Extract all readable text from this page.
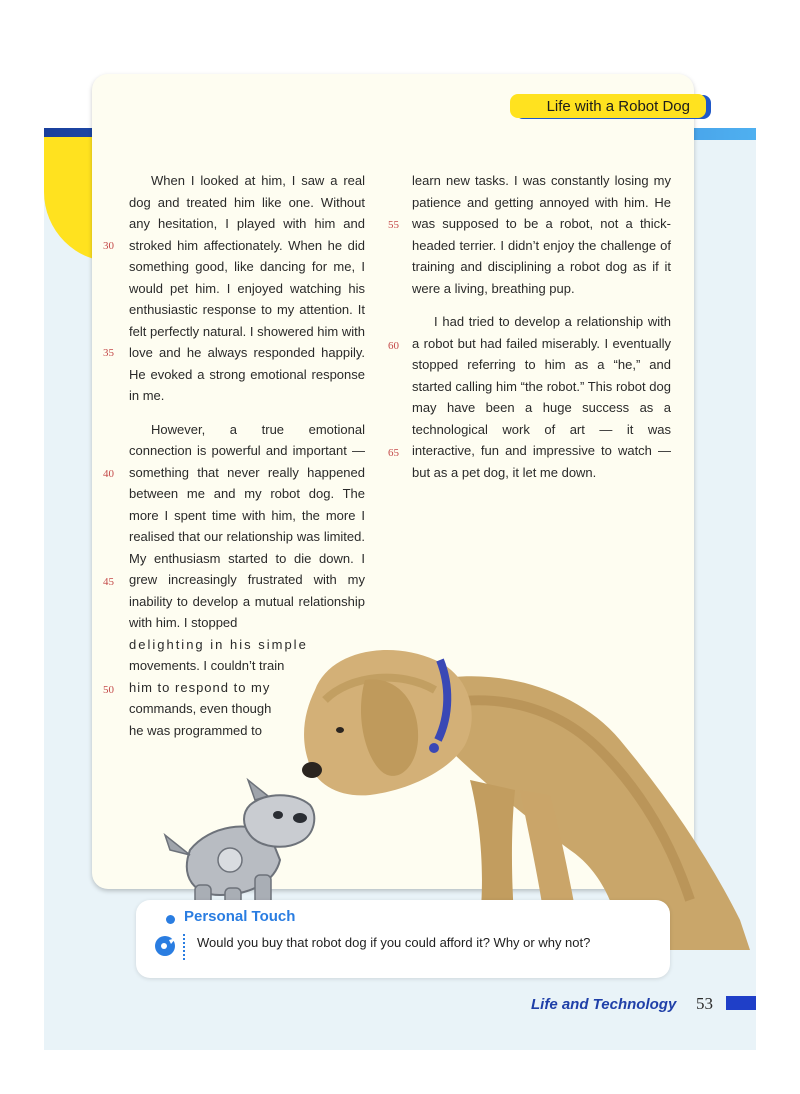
Life with a Robot Dog
30
35
40
45
50
55
60
65

When I looked at him, I saw a real dog and treated him like one. Without any hesitation, I played with him and stroked him affectionately. When he did something good, like dancing for me, I would pet him. I enjoyed watching his enthusiastic response to my attention. It felt perfectly natural. I showered him with love and he always responded happily. He evoked a strong emotional response in me.

However, a true emotional connection is powerful and important — something that never really happened between me and my robot dog. The more I spent time with him, the more I realised that our relationship was limited. My enthusiasm started to die down. I grew increasingly frustrated with my inability to develop a mutual relationship with him. I stopped

delighting in his simple

movements. I couldn’t train

him to respond to my

commands, even though

he was programmed to

learn new tasks. I was constantly losing my patience and getting annoyed with him. He was supposed to be a robot, not a thick-headed terrier. I didn’t enjoy the challenge of training and disciplining a robot dog as if it were a living, breathing pup.

I had tried to develop a relationship with a robot but had failed miserably. I eventually stopped referring to him as a “he,” and started calling him “the robot.” This robot dog may have been a huge success as a technological work of art — it was interactive, fun and impressive to watch — but as a pet dog, it let me down.

Personal Touch
Would you buy that robot dog if you could afford it? Why or why not?
Life and Technology 53
